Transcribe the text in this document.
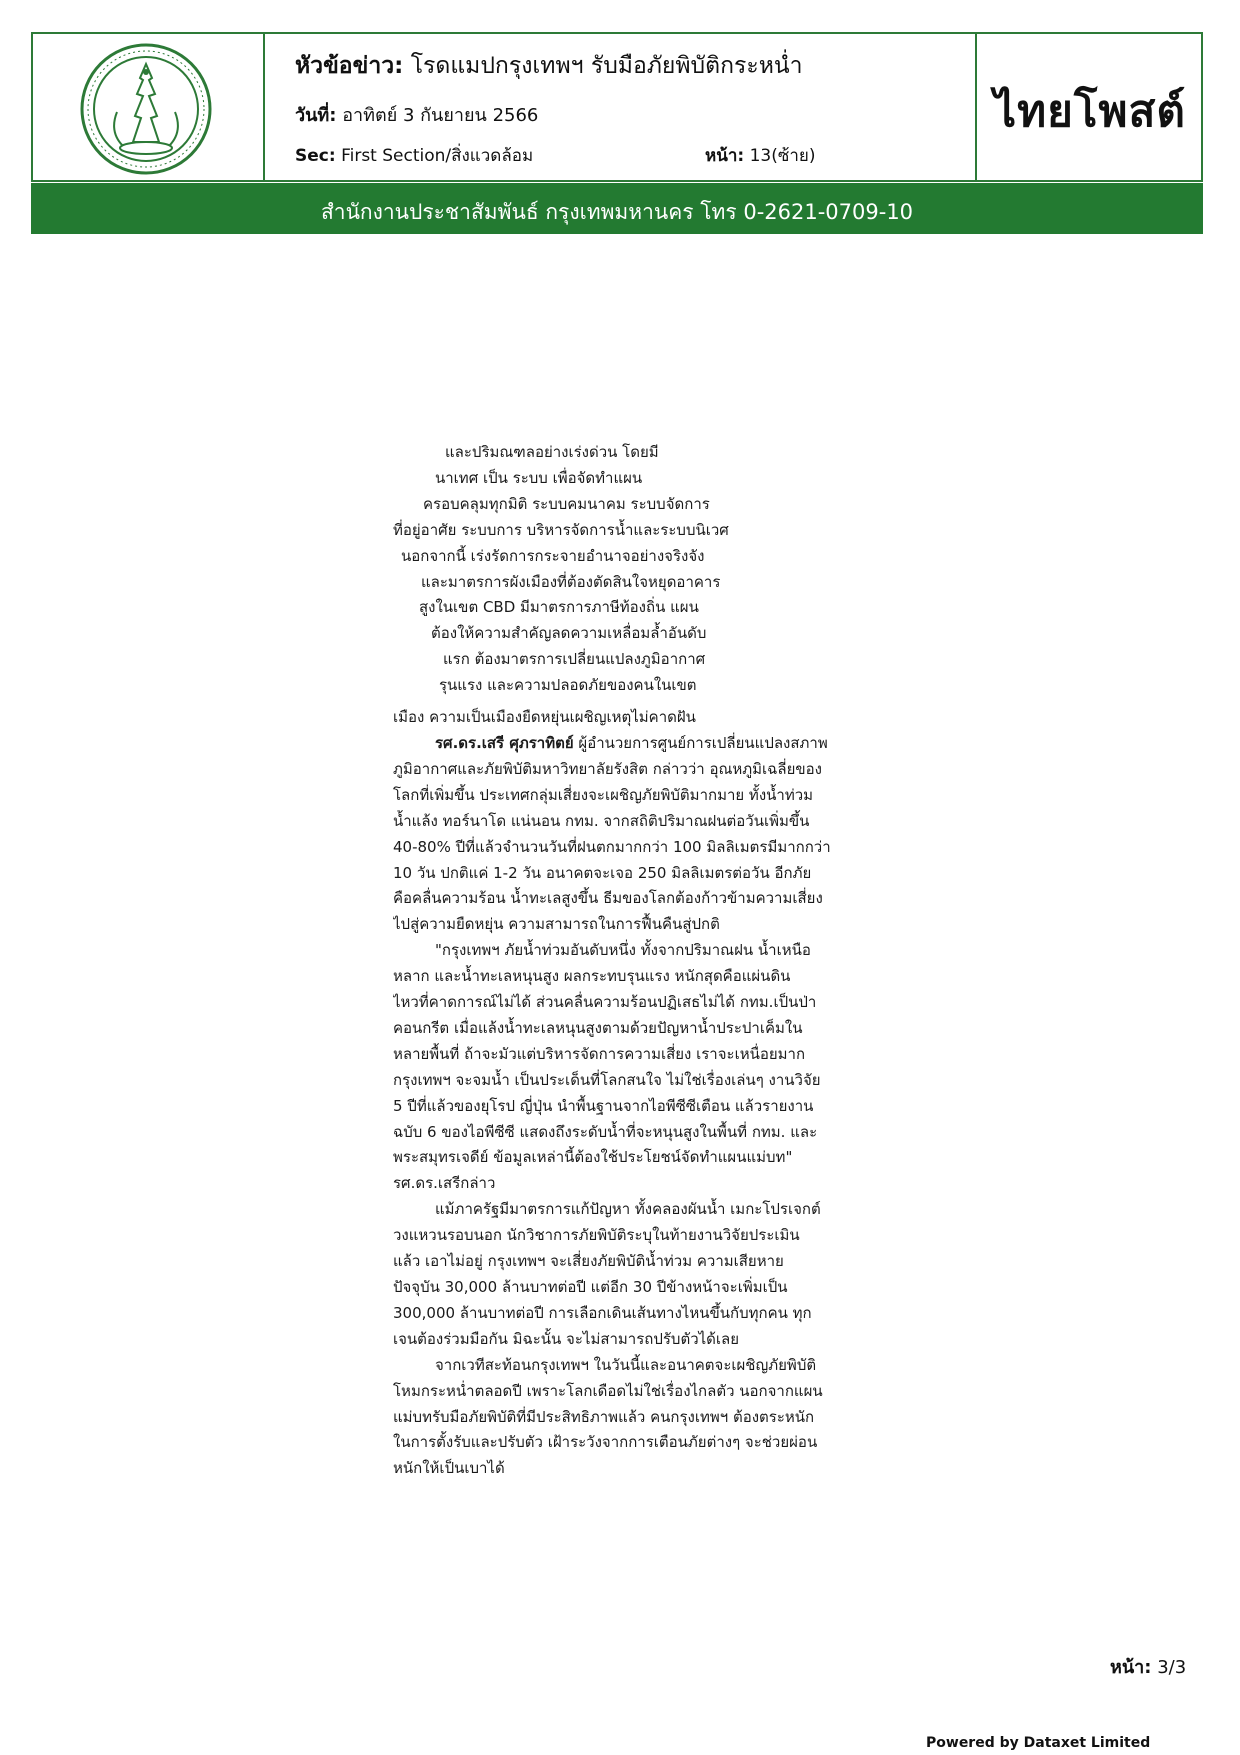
หัวข้อข่าว: โรดแมปกรุงเทพฯ รับมือภัยพิบัติกระหน่ำ
วันที่: อาทิตย์ 3 กันยายน 2566
Sec: First Section/สิ่งแวดล้อม	หน้า: 13(ซ้าย)
ไทยโพสต์
สำนักงานประชาสัมพันธ์ กรุงเทพมหานคร โทร 0-2621-0709-10
และปริมณฑลอย่างเร่งด่วน โดยมี
นาเทศ เป็น ระบบ เพื่อจัดทำแผน
ครอบคลุมทุกมิติ ระบบคมนาคม ระบบจัดการ
ที่อยู่อาศัย ระบบการ บริหารจัดการน้ำและระบบนิเวศ
นอกจากนี้ เร่งรัดการกระจายอำนาจอย่างจริงจัง
และมาตรการผังเมืองที่ต้องตัดสินใจหยุดอาคาร
สูงในเขต CBD มีมาตรการภาษีท้องถิ่น แผน
ต้องให้ความสำคัญลดความเหลื่อมล้ำอันดับ
แรก ต้องมาตรการเปลี่ยนแปลงภูมิอากาศ
รุนแรง และความปลอดภัยของคนในเขต
เมือง ความเป็นเมืองยืดหยุ่นเผชิญเหตุไม่คาดฝัน

รศ.ดร.เสรี ศุภราทิตย์ ผู้อำนวยการศูนย์การเปลี่ยนแปลงสภาพ
ภูมิอากาศและภัยพิบัติมหาวิทยาลัยรังสิต กล่าวว่า อุณหภูมิเฉลี่ยของ
โลกที่เพิ่มขึ้น ประเทศกลุ่มเสี่ยงจะเผชิญภัยพิบัติมากมาย ทั้งน้ำท่วม
น้ำแล้ง ทอร์นาโด แน่นอน กทม. จากสถิติปริมาณฝนต่อวันเพิ่มขึ้น
40-80% ปีที่แล้วจำนวนวันที่ฝนตกมากกว่า 100 มิลลิเมตรมีมากกว่า
10 วัน ปกติแค่ 1-2 วัน อนาคตจะเจอ 250 มิลลิเมตรต่อวัน อีกภัย
คือคลื่นความร้อน น้ำทะเลสูงขึ้น ธีมของโลกต้องก้าวข้ามความเสี่ยง
ไปสู่ความยืดหยุ่น ความสามารถในการฟื้นคืนสู่ปกติ

"กรุงเทพฯ ภัยน้ำท่วมอันดับหนึ่ง ทั้งจากปริมาณฝน น้ำเหนือ
หลาก และน้ำทะเลหนุนสูง ผลกระทบรุนแรง หนักสุดคือแผ่นดิน
ไหวที่คาดการณ์ไม่ได้ ส่วนคลื่นความร้อนปฏิเสธไม่ได้ กทม.เป็นป่า
คอนกรีต เมื่อแล้งน้ำทะเลหนุนสูงตามด้วยปัญหาน้ำประปาเค็มใน
หลายพื้นที่ ถ้าจะมัวแต่บริหารจัดการความเสี่ยง เราจะเหนื่อยมาก
กรุงเทพฯ จะจมน้ำ เป็นประเด็นที่โลกสนใจ ไม่ใช่เรื่องเล่นๆ งานวิจัย

5 ปีที่แล้วของยุโรป ญี่ปุ่น นำพื้นฐานจากไอพีซีซีเตือน แล้วรายงาน
ฉบับ 6 ของไอพีซีซี แสดงถึงระดับน้ำที่จะหนุนสูงในพื้นที่ กทม. และ
พระสมุทรเจดีย์ ข้อมูลเหล่านี้ต้องใช้ประโยชน์จัดทำแผนแม่บท"
รศ.ดร.เสรีกล่าว

แม้ภาครัฐมีมาตรการแก้ปัญหา ทั้งคลองผันน้ำ เมกะโปรเจกต์
วงแหวนรอบนอก นักวิชาการภัยพิบัติระบุในท้ายงานวิจัยประเมิน
แล้ว เอาไม่อยู่ กรุงเทพฯ จะเสี่ยงภัยพิบัติน้ำท่วม ความเสียหาย
ปัจจุบัน 30,000 ล้านบาทต่อปี แต่อีก 30 ปีข้างหน้าจะเพิ่มเป็น
300,000 ล้านบาทต่อปี การเลือกเดินเส้นทางไหนขึ้นกับทุกคน ทุก
เจนต้องร่วมมือกัน มิฉะนั้น จะไม่สามารถปรับตัวได้เลย

จากเวทีสะท้อนกรุงเทพฯ ในวันนี้และอนาคตจะเผชิญภัยพิบัติ
โหมกระหน่ำตลอดปี เพราะโลกเดือดไม่ใช่เรื่องไกลตัว นอกจากแผน
แม่บทรับมือภัยพิบัติที่มีประสิทธิภาพแล้ว คนกรุงเทพฯ ต้องตระหนัก
ในการตั้งรับและปรับตัว เฝ้าระวังจากการเตือนภัยต่างๆ จะช่วยผ่อน
หนักให้เป็นเบาได้

หน้า: 3/3
Powered by Dataxet Limited
